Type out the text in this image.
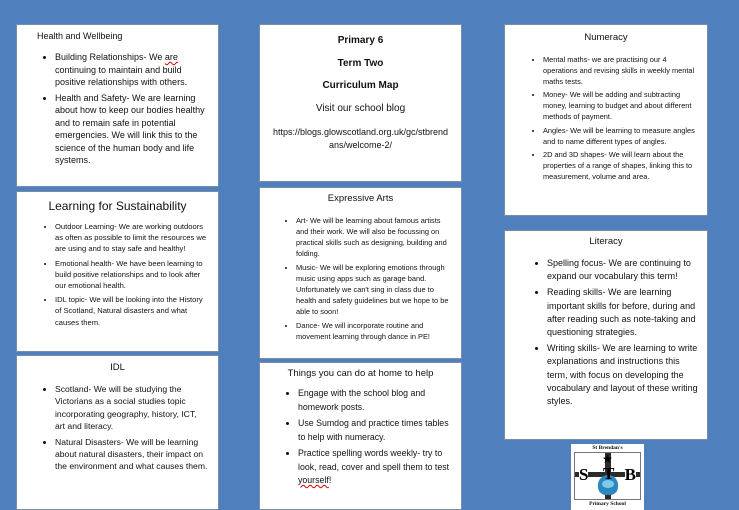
Health and Wellbeing
• Building Relationships- We are continuing to maintain and build positive relationships with others.
• Health and Safety- We are learning about how to keep our bodies healthy and to remain safe in potential emergencies. We will link this to the science of the human body and life systems.
Learning for Sustainability
• Outdoor Learning- We are working outdoors as often as possible to limit the resources we are using and to stay safe and healthy!
• Emotional health- We have been learning to build positive relationships and to look after our emotional health.
• IDL topic- We will be looking into the History of Scotland, Natural disasters and what causes them.
IDL
• Scotland- We will be studying the Victorians as a social studies topic incorporating geography, history, ICT, art and literacy.
• Natural Disasters- We will be learning about natural disasters, their impact on the environment and what causes them.
Primary 6
Term Two
Curriculum Map
Visit our school blog
https://blogs.glowscotland.org.uk/gc/stbrendans/welcome-2/
Expressive Arts
• Art- We will be learning about famous artists and their work. We will also be focussing on practical skills such as designing, building and folding.
• Music- We will be exploring emotions through music using apps such as garage band. Unfortunately we can't sing in class due to health and safety guidelines but we hope to be able to soon!
• Dance- We will incorporate routine and movement learning through dance in PE!
Things you can do at home to help
• Engage with the school blog and homework posts.
• Use Sumdog and practice times tables to help with numeracy.
• Practice spelling words weekly- try to look, read, cover and spell them to test yourself!
Numeracy
• Mental maths- we are practising our 4 operations and revising skills in weekly mental maths tests.
• Money- We will be adding and subtracting money, learning to budget and about different methods of payment.
• Angles- We will be learning to measure angles and to name different types of angles.
• 2D and 3D shapes- We will learn about the properties of a range of shapes, linking this to measurement, volume and area.
Literacy
• Spelling focus- We are continuing to expand our vocabulary this term!
• Reading skills- We are learning important skills for before, during and after reading such as note-taking and questioning strategies.
• Writing skills- We are learning to write explanations and instructions this term, with focus on developing the vocabulary and layout of these writing styles.
St Brendan's
★
S T B
Primary School
